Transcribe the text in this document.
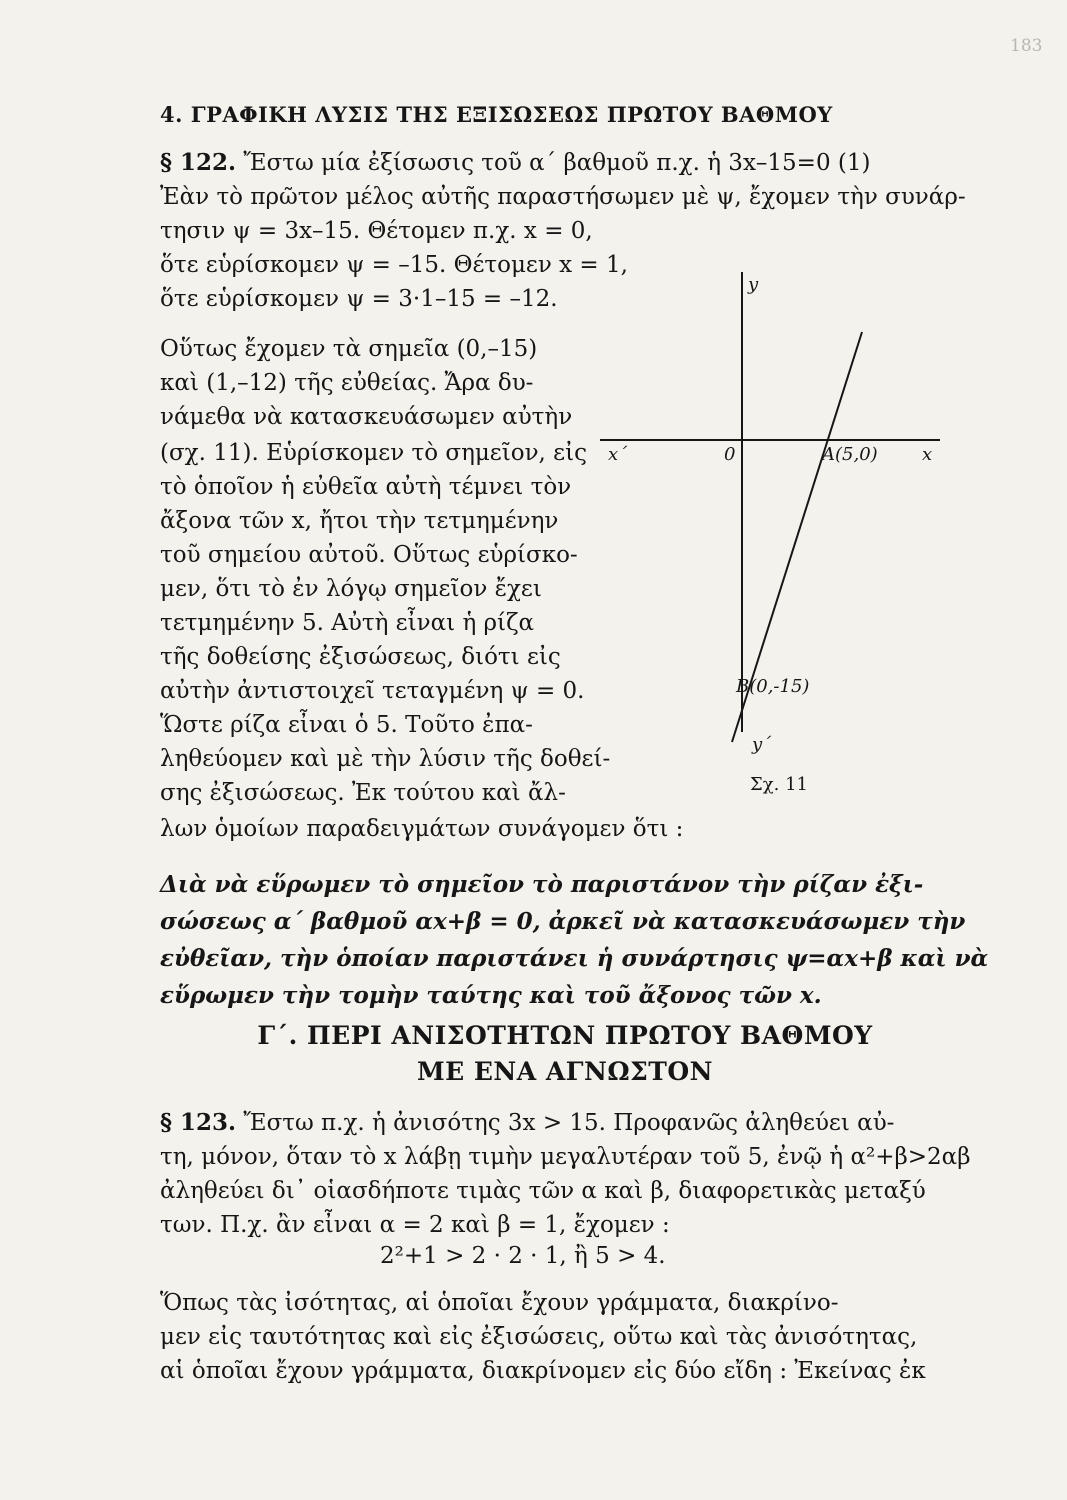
183
4. ΓΡΑΦΙΚΗ ΛΥΣΙΣ ΤΗΣ ΕΞΙΣΩΣΕΩΣ ΠΡΩΤΟΥ ΒΑΘΜΟΥ
§ 122. Ἔστω μία ἐξίσωσις τοῦ α΄ βαθμοῦ π.χ. ἡ 3x–15=0 (1)
Ἐὰν τὸ πρῶτον μέλος αὐτῆς παραστήσωμεν μὲ ψ, ἔχομεν τὴν συνάρ-
τησιν ψ = 3x–15. Θέτομεν π.χ. x = 0,
ὅτε εὑρίσκομεν ψ = –15. Θέτομεν x = 1,
ὅτε εὑρίσκομεν ψ = 3·1–15 = –12.
Οὕτως ἔχομεν τὰ σημεῖα (0,–15)
καὶ (1,–12) τῆς εὐθείας. Ἄρα δυ-
νάμεθα νὰ κατασκευάσωμεν αὐτὴν
(σχ. 11). Εὑρίσκομεν τὸ σημεῖον, εἰς
τὸ ὁποῖον ἡ εὐθεῖα αὐτὴ τέμνει τὸν
ἄξονα τῶν x, ἤτοι τὴν τετμημένην
τοῦ σημείου αὐτοῦ. Οὕτως εὑρίσκο-
μεν, ὅτι τὸ ἐν λόγῳ σημεῖον ἔχει
τετμημένην 5. Αὐτὴ εἶναι ἡ ρίζα
τῆς δοθείσης ἐξισώσεως, διότι εἰς
αὐτὴν ἀντιστοιχεῖ τεταγμένη ψ = 0.
Ὥστε ρίζα εἶναι ὁ 5. Τοῦτο ἐπα-
ληθεύομεν καὶ μὲ τὴν λύσιν τῆς δοθεί-
σης ἐξισώσεως. Ἐκ τούτου καὶ ἄλ-
λων ὁμοίων παραδειγμάτων συνάγομεν ὅτι :
x΄	x
0
y
y΄
A(5,0)
B(0,-15)
Σχ. 11
Διὰ νὰ εὕρωμεν τὸ σημεῖον τὸ παριστάνον τὴν ρίζαν ἐξι-
σώσεως α΄ βαθμοῦ αx+β = 0, ἀρκεῖ νὰ κατασκευάσωμεν τὴν
εὐθεῖαν, τὴν ὁποίαν παριστάνει ἡ συνάρτησις ψ=αx+β καὶ νὰ
εὕρωμεν τὴν τομὴν ταύτης καὶ τοῦ ἄξονος τῶν x.
Γ΄. ΠΕΡΙ ΑΝΙΣΟΤΗΤΩΝ ΠΡΩΤΟΥ ΒΑΘΜΟΥ
ΜΕ ΕΝΑ ΑΓΝΩΣΤΟΝ
§ 123. Ἔστω π.χ. ἡ ἀνισότης 3x > 15. Προφανῶς ἀληθεύει αὐ-
τη, μόνον, ὅταν τὸ x λάβῃ τιμὴν μεγαλυτέραν τοῦ 5, ἐνῷ ἡ α²+β>2αβ
ἀληθεύει δι᾽ οἱασδήποτε τιμὰς τῶν α καὶ β, διαφορετικὰς μεταξύ
των. Π.χ. ἂν εἶναι α = 2 καὶ β = 1, ἔχομεν :
2²+1 > 2 · 2 · 1, ἢ 5 > 4.
Ὅπως τὰς ἰσότητας, αἱ ὁποῖαι ἔχουν γράμματα, διακρίνο-
μεν εἰς ταυτότητας καὶ εἰς ἐξισώσεις, οὕτω καὶ τὰς ἀνισότητας,
αἱ ὁποῖαι ἔχουν γράμματα, διακρίνομεν εἰς δύο εἴδη : Ἐκείνας ἐκ
